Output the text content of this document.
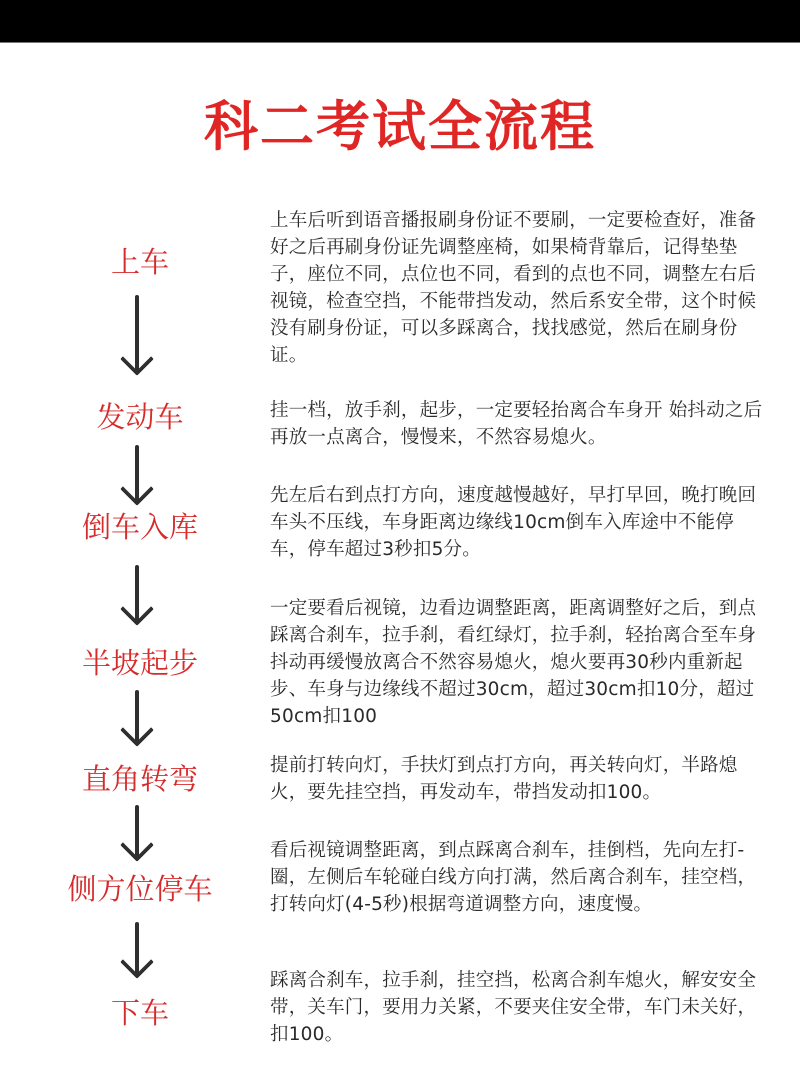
科二考试全流程
上车
上车后听到语音播报刷身份证不要刷，一定要检查好，准备好之后再刷身份证先调整座椅，如果椅背靠后，记得垫垫子，座位不同，点位也不同，看到的点也不同，调整左右后视镜，检查空挡，不能带挡发动，然后系安全带，这个时候没有刷身份证，可以多踩离合，找找感觉，然后在刷身份证。
发动车	挂一档，放手刹，起步，一定要轻抬离合车身开 始抖动之后再放一点离合，慢慢来，不然容易熄火。
倒车入库
先左后右到点打方向，速度越慢越好，早打早回，晚打晚回车头不压线，车身距离边缘线10cm倒车入库途中不能停车，停车超过3秒扣5分。
半坡起步
一定要看后视镜，边看边调整距离，距离调整好之后，到点踩离合刹车，拉手刹，看红绿灯，拉手刹，轻抬离合至车身抖动再缓慢放离合不然容易熄火，熄火要再30秒内重新起步、车身与边缘线不超过30cm，超过30cm扣10分，超过50cm扣100
直角转弯	提前打转向灯，手扶灯到点打方向，再关转向灯，半路熄火，要先挂空挡，再发动车，带挡发动扣100。
侧方位停车
看后视镜调整距离，到点踩离合刹车，挂倒档，先向左打-圈，左侧后车轮碰白线方向打满，然后离合刹车，挂空档，打转向灯(4-5秒)根据弯道调整方向，速度慢。
下车
踩离合刹车，拉手刹，挂空挡，松离合刹车熄火，解安安全带，关车门，要用力关紧，不要夹住安全带，车门未关好，扣100。
